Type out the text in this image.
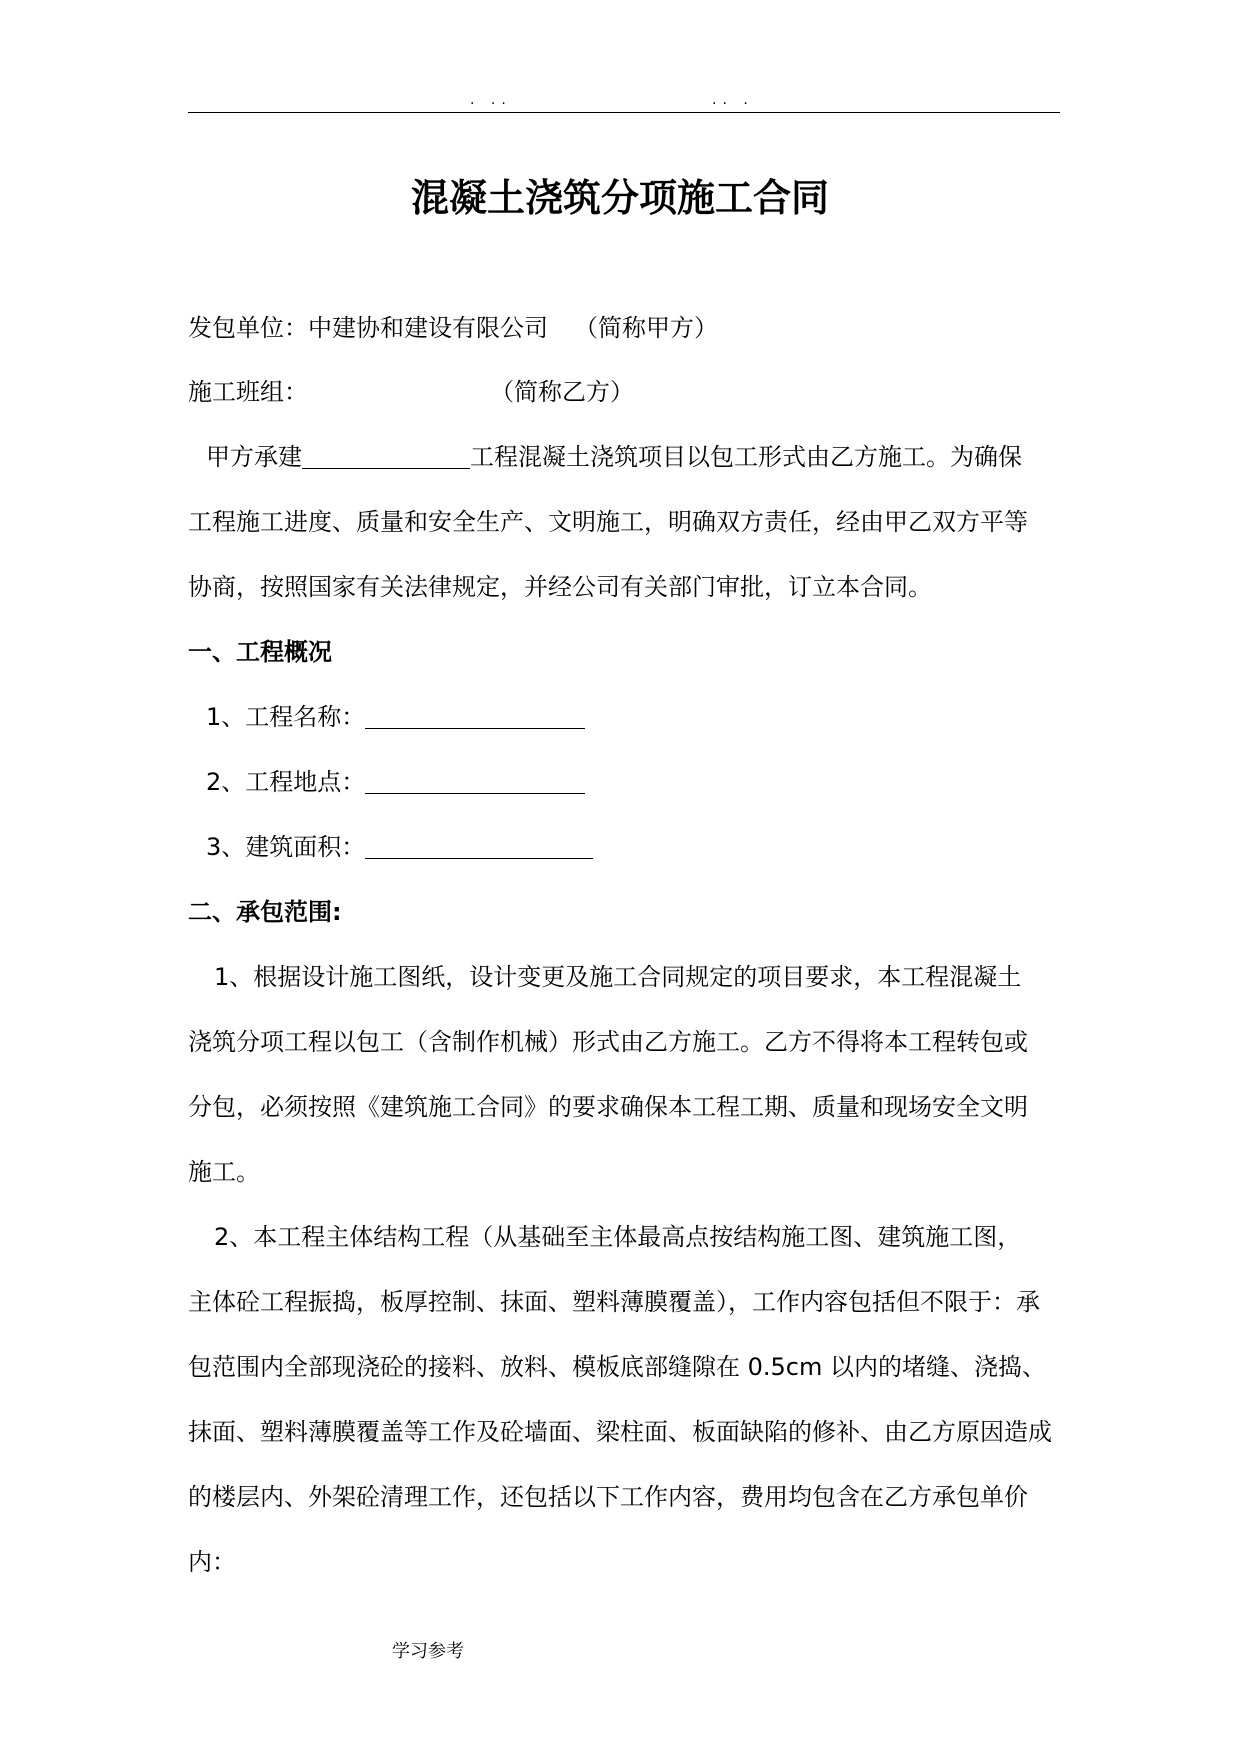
. ..	.. .
混凝土浇筑分项施工合同
发包单位：中建协和建设有限公司 （简称甲方）
施工班组：	（简称乙方）
甲方承建	工程混凝土浇筑项目以包工形式由乙方施工。为确保
工程施工进度、质量和安全生产、文明施工，明确双方责任，经由甲乙双方平等
协商，按照国家有关法律规定，并经公司有关部门审批，订立本合同。
一、工程概况
1、工程名称：
2、工程地点：
3、建筑面积：
二、承包范围:
1、根据设计施工图纸，设计变更及施工合同规定的项目要求，本工程混凝土
浇筑分项工程以包工（含制作机械）形式由乙方施工。乙方不得将本工程转包或
分包，必须按照《建筑施工合同》的要求确保本工程工期、质量和现场安全文明
施工。
2、本工程主体结构工程（从基础至主体最高点按结构施工图、建筑施工图，
主体砼工程振捣，板厚控制、抹面、塑料薄膜覆盖），工作内容包括但不限于：承
包范围内全部现浇砼的接料、放料、模板底部缝隙在 0.5cm 以内的堵缝、浇捣、
抹面、塑料薄膜覆盖等工作及砼墙面、梁柱面、板面缺陷的修补、由乙方原因造成
的楼层内、外架砼清理工作，还包括以下工作内容，费用均包含在乙方承包单价
内：
学习参考
